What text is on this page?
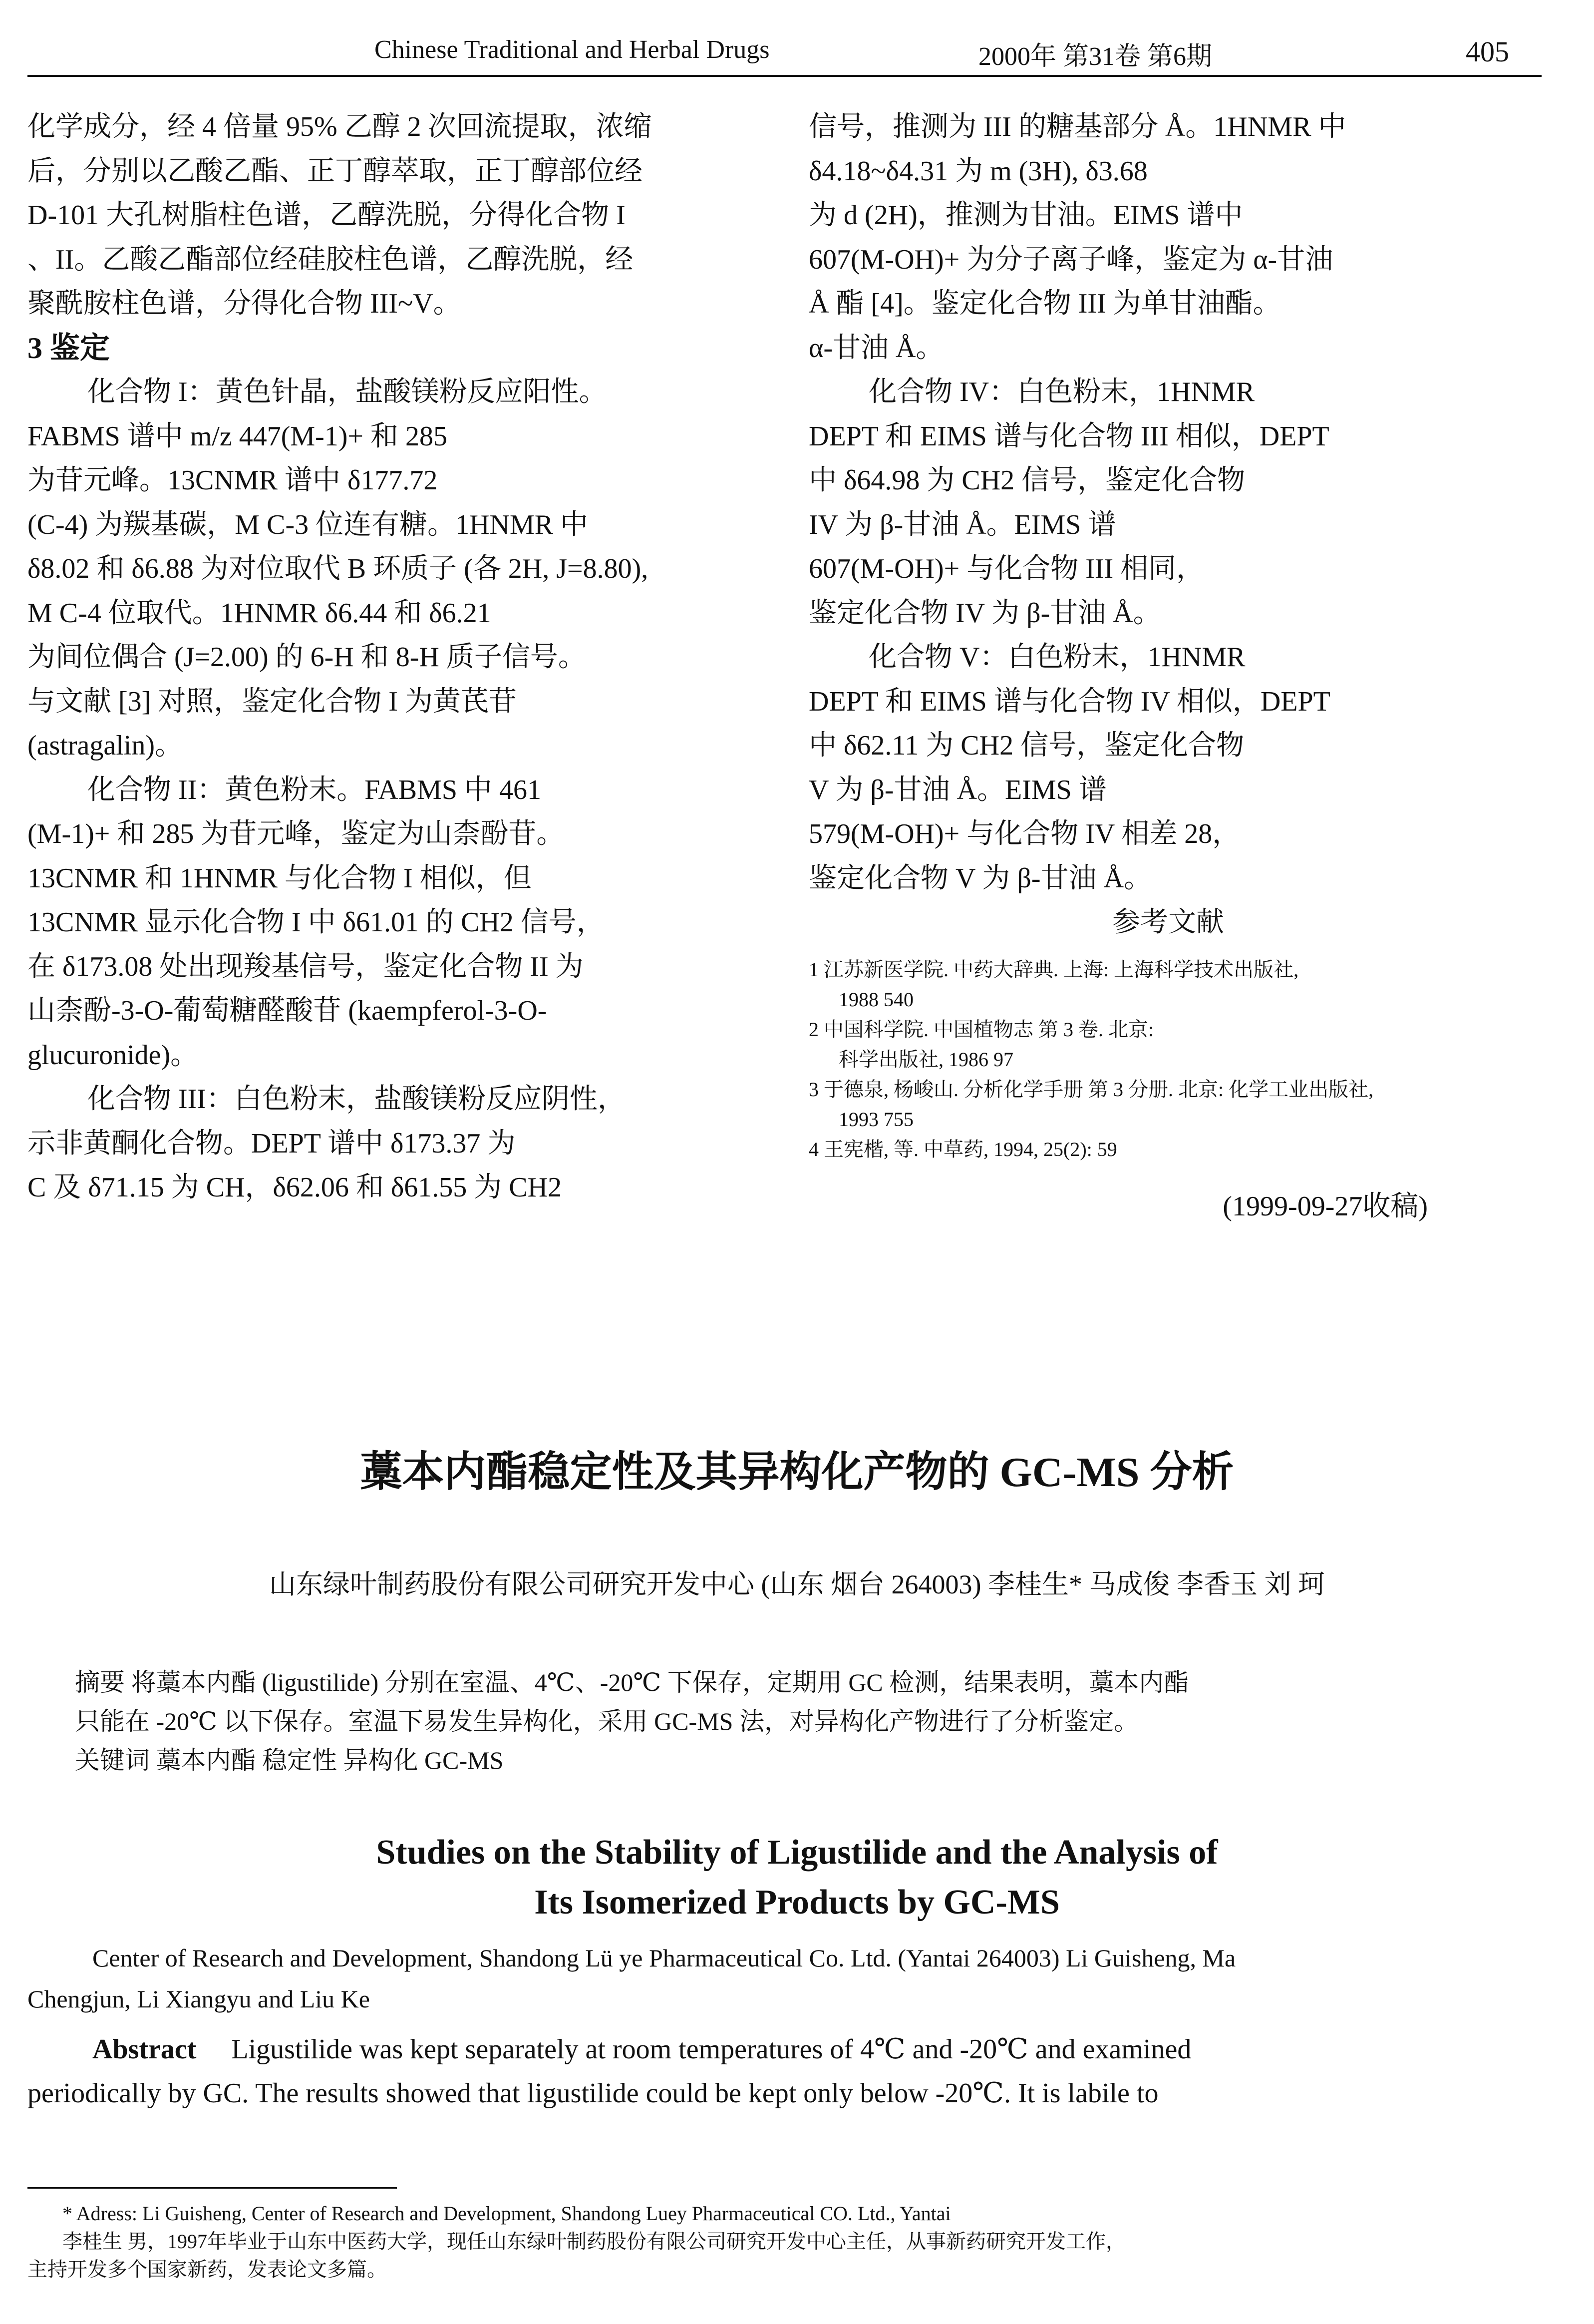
Chinese Traditional and Herbal Drugs	2000年 第31卷 第6期	405
化学成分，经 4 倍量 95% 乙醇 2 次回流提取，浓缩
后，分别以乙酸乙酯、正丁醇萃取，正丁醇部位经
D-101 大孔树脂柱色谱，乙醇洗脱，分得化合物 I
、II。乙酸乙酯部位经硅胶柱色谱，乙醇洗脱，经
聚酰胺柱色谱，分得化合物 III~V。
3 鉴定
化合物 I：黄色针晶，盐酸镁粉反应阳性。
FABMS 谱中 m/z 447(M-1)+ 和 285
为苷元峰。13CNMR 谱中 δ177.72
(C-4) 为羰基碳，M C-3 位连有糖。1HNMR 中
δ8.02 和 δ6.88 为对位取代 B 环质子 (各 2H, J=8.80),
M C-4 位取代。1HNMR δ6.44 和 δ6.21
为间位偶合 (J=2.00) 的 6-H 和 8-H 质子信号。
与文献 [3] 对照，鉴定化合物 I 为黄芪苷
(astragalin)。
化合物 II：黄色粉末。FABMS 中 461
(M-1)+ 和 285 为苷元峰，鉴定为山柰酚苷。
13CNMR 和 1HNMR 与化合物 I 相似，但
13CNMR 显示化合物 I 中 δ61.01 的 CH2 信号，
在 δ173.08 处出现羧基信号，鉴定化合物 II 为
山柰酚-3-O-葡萄糖醛酸苷 (kaempferol-3-O-
glucuronide)。
化合物 III：白色粉末，盐酸镁粉反应阴性，
示非黄酮化合物。DEPT 谱中 δ173.37 为
C 及 δ71.15 为 CH，δ62.06 和 δ61.55 为 CH2
信号，推测为 III 的糖基部分 Å。1HNMR 中
δ4.18~δ4.31 为 m (3H), δ3.68
为 d (2H)，推测为甘油。EIMS 谱中
607(M-OH)+ 为分子离子峰，鉴定为 α-甘油
Å 酯 [4]。鉴定化合物 III 为单甘油酯。
α-甘油 Å。
化合物 IV：白色粉末，1HNMR
DEPT 和 EIMS 谱与化合物 III 相似，DEPT
中 δ64.98 为 CH2 信号，鉴定化合物
IV 为 β-甘油 Å。EIMS 谱
607(M-OH)+ 与化合物 III 相同，
鉴定化合物 IV 为 β-甘油 Å。
化合物 V：白色粉末，1HNMR
DEPT 和 EIMS 谱与化合物 IV 相似，DEPT
中 δ62.11 为 CH2 信号，鉴定化合物
V 为 β-甘油 Å。EIMS 谱
579(M-OH)+ 与化合物 IV 相差 28，
鉴定化合物 V 为 β-甘油 Å。
参考文献
1 江苏新医学院. 中药大辞典. 上海: 上海科学技术出版社,
1988 540
2 中国科学院. 中国植物志 第 3 卷. 北京:
科学出版社, 1986 97
3 于德泉, 杨峻山. 分析化学手册 第 3 分册. 北京: 化学工业出版社,
1993 755
4 王宪楷, 等. 中草药, 1994, 25(2): 59
(1999-09-27收稿)
藁本内酯稳定性及其异构化产物的 GC-MS 分析
山东绿叶制药股份有限公司研究开发中心 (山东 烟台 264003) 李桂生* 马成俊 李香玉 刘 珂
摘要 将藁本内酯 (ligustilide) 分别在室温、4℃、-20℃ 下保存，定期用 GC 检测，结果表明，藁本内酯
只能在 -20℃ 以下保存。室温下易发生异构化，采用 GC-MS 法，对异构化产物进行了分析鉴定。
关键词 藁本内酯 稳定性 异构化 GC-MS
Studies on the Stability of Ligustilide and the Analysis of
Its Isomerized Products by GC-MS
Center of Research and Development, Shandong Lü ye Pharmaceutical Co. Ltd. (Yantai 264003) Li Guisheng, Ma
Chengjun, Li Xiangyu and Liu Ke
Abstract Ligustilide was kept separately at room temperatures of 4℃ and -20℃ and examined
periodically by GC. The results showed that ligustilide could be kept only below -20℃. It is labile to
* Adress: Li Guisheng, Center of Research and Development, Shandong Luey Pharmaceutical CO. Ltd., Yantai
李桂生 男，1997年毕业于山东中医药大学，现任山东绿叶制药股份有限公司研究开发中心主任，从事新药研究开发工作，
主持开发多个国家新药，发表论文多篇。
